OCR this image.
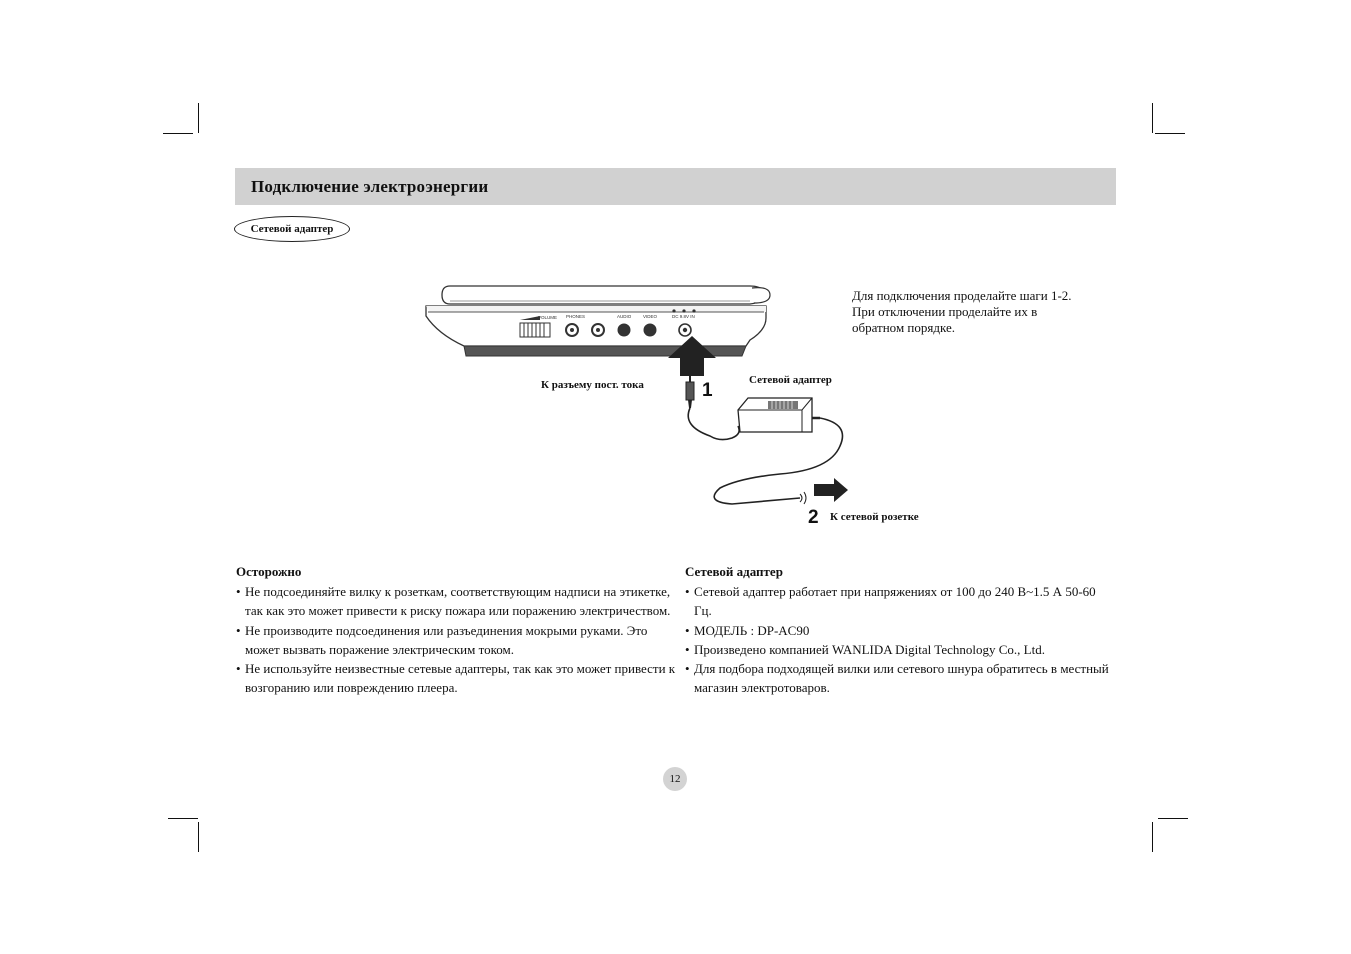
Подключение электроэнергии
Сетевой адаптер
VOLUME PHONES	AUDIO	VIDEO	DC 9.8V IN
1
2
К разъему пост. тока	Сетевой адаптер
К сетевой розетке

Для подключения проделайте шаги 1-2.

При отключении проделайте их в обратном порядке.

Осторожно
• Не подсоединяйте вилку к розеткам, соответствующим надписи на этикетке, так как это может привести к риску пожара или поражению электричеством.
• Не производите подсоединения или разъединения мокрыми руками. Это может вызвать поражение электрическим током.
• Не используйте неизвестные сетевые адаптеры, так как это может привести к возгоранию или повреждению плеера.
Сетевой адаптер
• Сетевой адаптер работает при напряжениях от 100 до 240 В~1.5 А 50-60 Гц.
• МОДЕЛЬ : DP-AC90
• Произведено компанией WANLIDA Digital Technology Co., Ltd.
• Для подбора подходящей вилки или сетевого шнура обратитесь в местный магазин электротоваров.
12
